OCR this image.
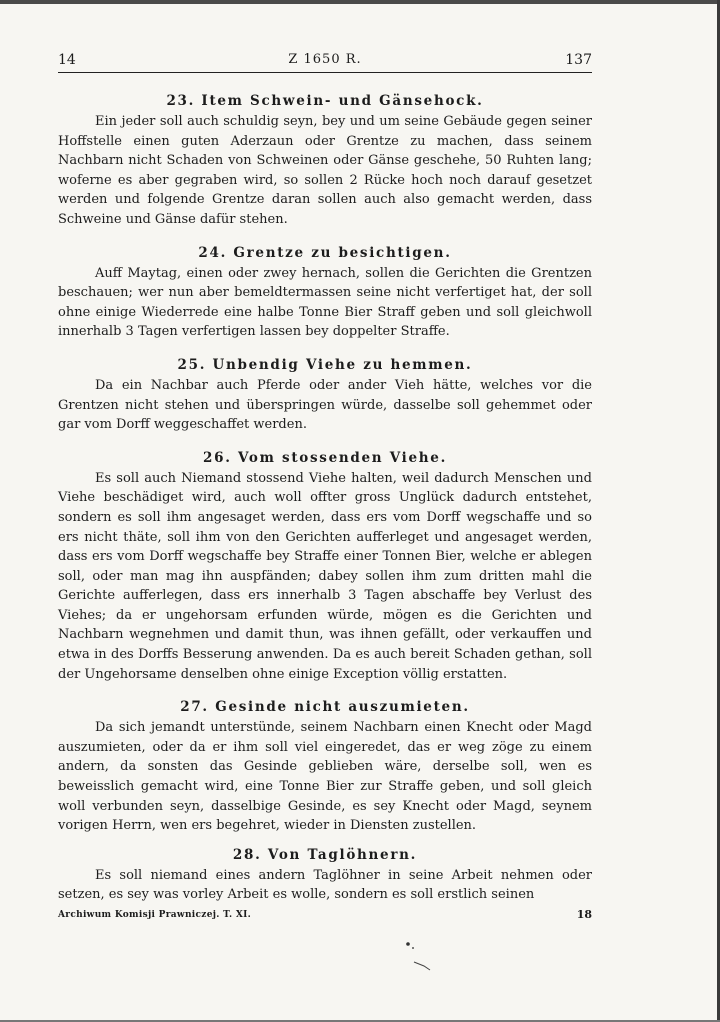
14	Z 1650 R.	137
23. Item Schwein- und Gänsehock.

Ein jeder soll auch schuldig seyn, bey und um seine Gebäude gegen seiner Hoffstelle einen guten Aderzaun oder Grentze zu machen, dass seinem Nachbarn nicht Schaden von Schweinen oder Gänse geschehe, 50 Ruhten lang; woferne es aber gegraben wird, so sollen 2 Rücke hoch noch darauf gesetzet werden und folgende Grentze daran sollen auch also gemacht werden, dass Schweine und Gänse dafür stehen.

24. Grentze zu besichtigen.

Auff Maytag, einen oder zwey hernach, sollen die Gerichten die Grentzen beschauen; wer nun aber bemeldtermassen seine nicht verfertiget hat, der soll ohne einige Wiederrede eine halbe Tonne Bier Straff geben und soll gleichwoll innerhalb 3 Tagen verfertigen lassen bey doppelter Straffe.

25. Unbendig Viehe zu hemmen.

Da ein Nachbar auch Pferde oder ander Vieh hätte, welches vor die Grentzen nicht stehen und überspringen würde, dasselbe soll gehemmet oder gar vom Dorff weggeschaffet werden.

26. Vom stossenden Viehe.

Es soll auch Niemand stossend Viehe halten, weil dadurch Menschen und Viehe beschädiget wird, auch woll offter gross Unglück dadurch entstehet, sondern es soll ihm angesaget werden, dass ers vom Dorff wegschaffe und so ers nicht thäte, soll ihm von den Gerichten aufferleget und angesaget werden, dass ers vom Dorff wegschaffe bey Straffe einer Tonnen Bier, welche er ablegen soll, oder man mag ihn auspfänden; dabey sollen ihm zum dritten mahl die Gerichte aufferlegen, dass ers innerhalb 3 Tagen abschaffe bey Verlust des Viehes; da er ungehorsam erfunden würde, mögen es die Gerichten und Nachbarn wegnehmen und damit thun, was ihnen gefällt, oder verkauffen und etwa in des Dorffs Besserung anwenden. Da es auch bereit Schaden gethan, soll der Ungehorsame denselben ohne einige Exception völlig erstatten.

27. Gesinde nicht auszumieten.

Da sich jemandt unterstünde, seinem Nachbarn einen Knecht oder Magd auszumieten, oder da er ihm soll viel eingeredet, das er weg zöge zu einem andern, da sonsten das Gesinde geblieben wäre, derselbe soll, wen es beweisslich gemacht wird, eine Tonne Bier zur Straffe geben, und soll gleich woll verbunden seyn, dasselbige Gesinde, es sey Knecht oder Magd, seynem vorigen Herrn, wen ers begehret, wieder in Diensten zustellen.

28. Von Taglöhnern.

Es soll niemand eines andern Taglöhner in seine Arbeit nehmen oder setzen, es sey was vorley Arbeit es wolle, sondern es soll erstlich seinen

Archiwum Komisji Prawniczej. T. XI.	18
